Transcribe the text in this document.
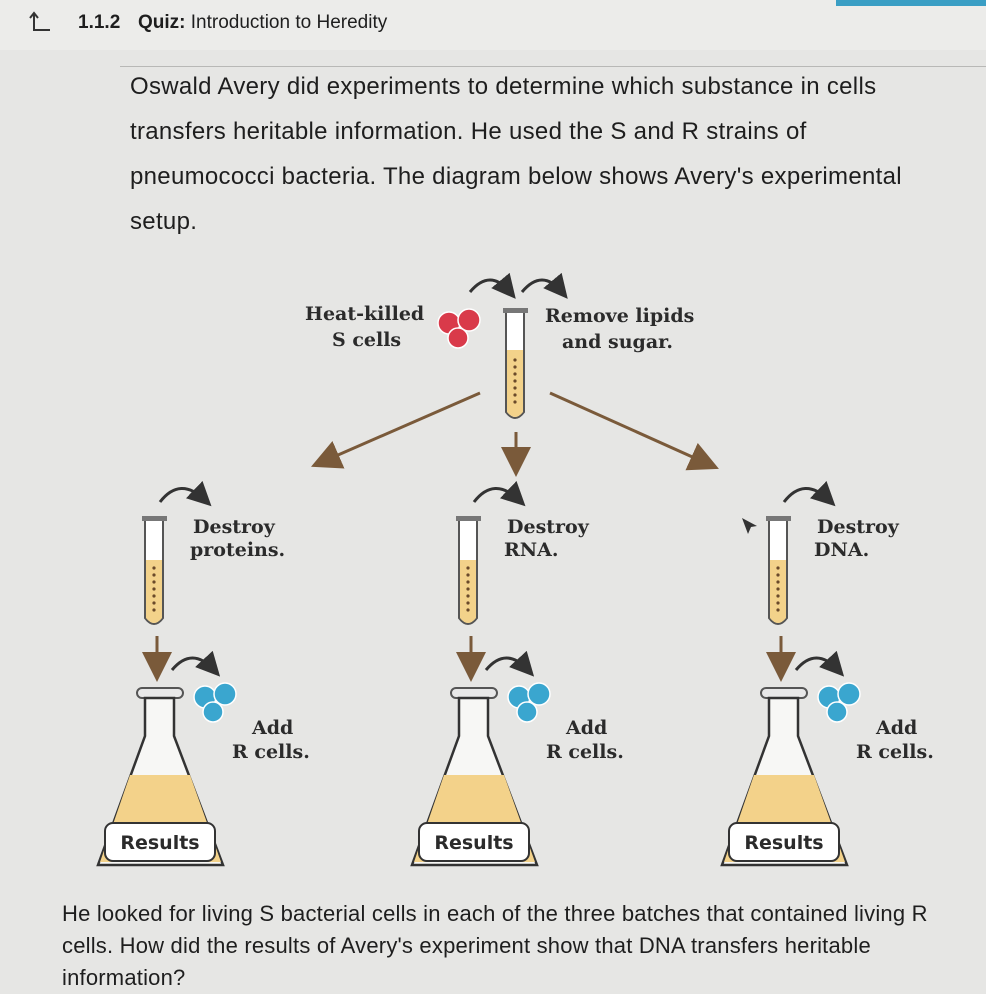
1.1.2 Quiz: Introduction to Heredity
Oswald Avery did experiments to determine which substance in cells transfers heritable information. He used the S and R strains of pneumococci bacteria. The diagram below shows Avery's experimental setup.
Heat-killed
S cells
Remove lipids
and sugar.
Destroy
proteins.
Add
R cells.
Results
Destroy
RNA.
Add
R cells.
Results
Destroy
DNA.
Add
R cells.
Results
He looked for living S bacterial cells in each of the three batches that contained living R cells. How did the results of Avery's experiment show that DNA transfers heritable information?
